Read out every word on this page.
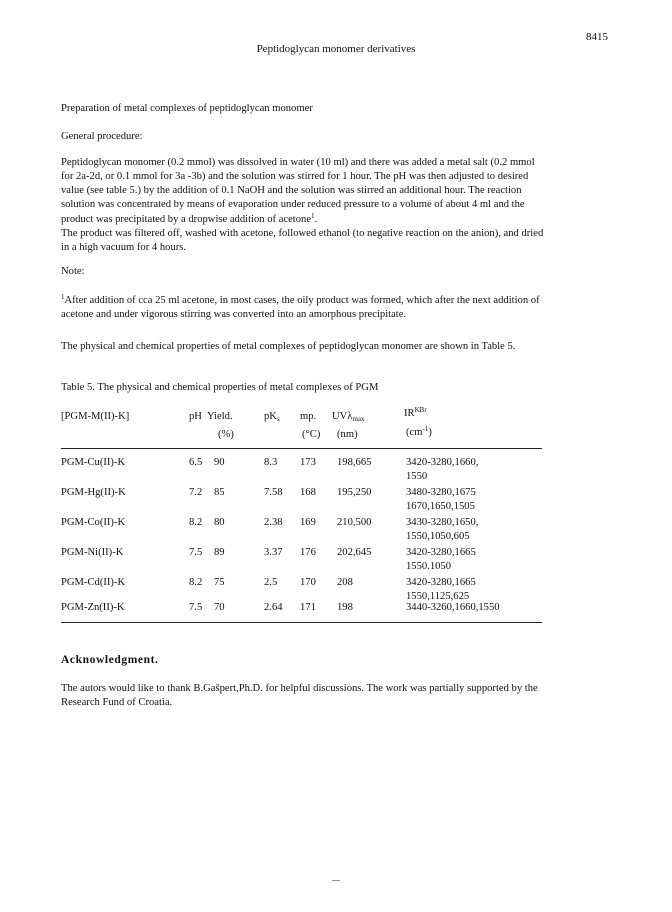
8415
Peptidoglycan monomer derivatives
Preparation of metal complexes of peptidoglycan monomer
General procedure:

Peptidoglycan monomer (0.2 mmol) was dissolved in water (10 ml) and there was added a metal salt (0.2 mmol

for 2a-2d, or 0.1 mmol for 3a -3b) and the solution was stirred for 1 hour. The pH was then adjusted to desired

value (see table 5.) by the addition of 0.1 NaOH and the solution was stirred an additional hour. The reaction

solution was concentrated by means of evaporation under reduced pressure to a volume of about 4 ml and the

product was precipitated by a dropwise addition of acetone$^1$.

The product was filtered off, washed with acetone, followed ethanol (to negative reaction on the anion), and dried

in a high vacuum for 4 hours.

Note:

$^1$After addition of cca 25 ml acetone, in most cases, the oily product was formed, which after the next addition of

acetone and under vigorous stirring was converted into an amorphous precipitate.

The physical and chemical properties of metal complexes of peptidoglycan monomer are shown in Table 5.

Table 5. The physical and chemical properties of metal complexes of PGM
[PGM-M(II)-K]	pH Yield.	$pK_s$ mp. UVλ$_{max}$	$IR^{KBr}$
(%)	(°C) (nm)	$(cm^{-1})$
PGM-Cu(II)-K	6.5 90	8.3 173 198,665	3420-3280,1660,
1550
PGM-Hg(II)-K	7.2 85	7.58 168 195,250	3480-3280,1675
1670,1650,1505
PGM-Co(II)-K	8.2 80	2.38 169 210,500	3430-3280,1650,
1550,1050,605
PGM-Ni(II)-K	7.5 89	3.37 176 202,645	3420-3280,1665
1550.1050
PGM-Cd(II)-K	8.2 75	2.5 170 208	3420-3280,1665
1550,1125,625
PGM-Zn(II)-K	7.5 70	2.64 171 198	3440-3260,1660,1550
Acknowledgment.

The autors would like to thank B.Gašpert,Ph.D. for helpful discussions. The work was partially supported by the

Research Fund of Croatia.
